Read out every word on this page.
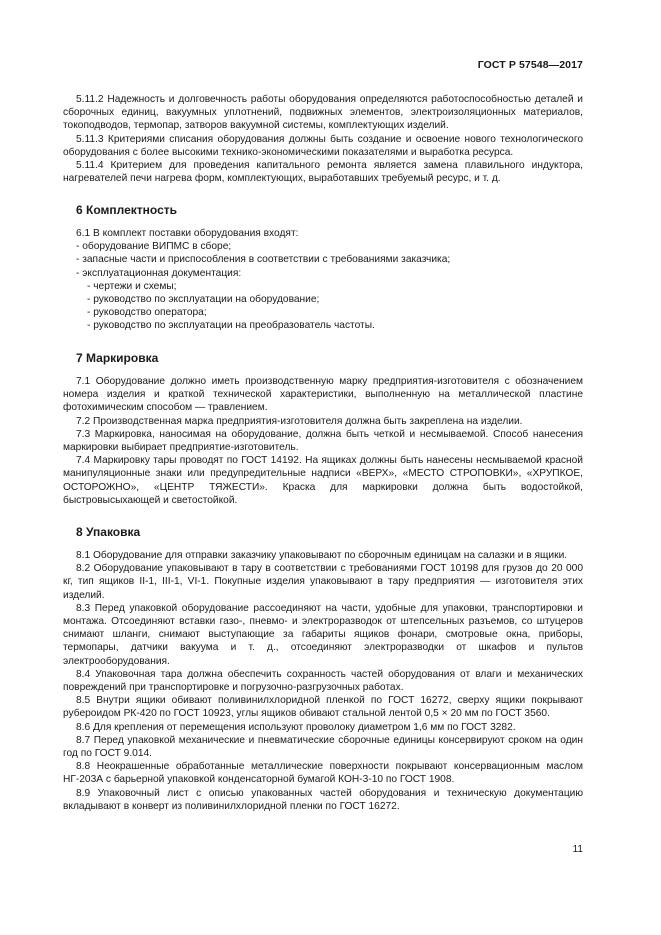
ГОСТ Р 57548—2017

5.11.2 Надежность и долговечность работы оборудования определяются работоспособностью деталей и сборочных единиц, вакуумных уплотнений, подвижных элементов, электроизоляционных материалов, токоподводов, термопар, затворов вакуумной системы, комплектующих изделий.

5.11.3 Критериями списания оборудования должны быть создание и освоение нового технологического оборудования с более высокими технико-экономическими показателями и выработка ресурса.

5.11.4 Критерием для проведения капитального ремонта является замена плавильного индуктора, нагревателей печи нагрева форм, комплектующих, выработавших требуемый ресурс, и т. д.

6 Комплектность
6.1 В комплект поставки оборудования входят:
- оборудование ВИПМС в сборе;
- запасные части и приспособления в соответствии с требованиями заказчика;
- эксплуатационная документация:
- чертежи и схемы;
- руководство по эксплуатации на оборудование;
- руководство оператора;
- руководство по эксплуатации на преобразователь частоты.
7 Маркировка

7.1 Оборудование должно иметь производственную марку предприятия-изготовителя с обозначением номера изделия и краткой технической характеристики, выполненную на металлической пластине фотохимическим способом — травлением.

7.2 Производственная марка предприятия-изготовителя должна быть закреплена на изделии.

7.3 Маркировка, наносимая на оборудование, должна быть четкой и несмываемой. Способ нанесения маркировки выбирает предприятие-изготовитель.

7.4 Маркировку тары проводят по ГОСТ 14192. На ящиках должны быть нанесены несмываемой красной манипуляционные знаки или предупредительные надписи «ВЕРХ», «МЕСТО СТРОПОВКИ», «ХРУПКОЕ, ОСТОРОЖНО», «ЦЕНТР ТЯЖЕСТИ». Краска для маркировки должна быть водостойкой, быстровысыхающей и светостойкой.

8 Упаковка

8.1 Оборудование для отправки заказчику упаковывают по сборочным единицам на салазки и в ящики.

8.2 Оборудование упаковывают в тару в соответствии с требованиями ГОСТ 10198 для грузов до 20 000 кг, тип ящиков II-1, III-1, VI-1. Покупные изделия упаковывают в тару предприятия — изготовителя этих изделий.

8.3 Перед упаковкой оборудование рассоединяют на части, удобные для упаковки, транспортировки и монтажа. Отсоединяют вставки газо-, пневмо- и электроразводок от штепсельных разъемов, со штуцеров снимают шланги, снимают выступающие за габариты ящиков фонари, смотровые окна, приборы, термопары, датчики вакуума и т. д., отсоединяют электроразводки от шкафов и пультов электрооборудования.

8.4 Упаковочная тара должна обеспечить сохранность частей оборудования от влаги и механических повреждений при транспортировке и погрузочно-разгрузочных работах.

8.5 Внутри ящики обивают поливинилхлоридной пленкой по ГОСТ 16272, сверху ящики покрывают рубероидом РК-420 по ГОСТ 10923, углы ящиков обивают стальной лентой 0,5 × 20 мм по ГОСТ 3560.

8.6 Для крепления от перемещения используют проволоку диаметром 1,6 мм по ГОСТ 3282.

8.7 Перед упаковкой механические и пневматические сборочные единицы консервируют сроком на один год по ГОСТ 9.014.

8.8 Неокрашенные обработанные металлические поверхности покрывают консервационным маслом НГ-203А с барьерной упаковкой конденсаторной бумагой КОН-3-10 по ГОСТ 1908.

8.9 Упаковочный лист с описью упакованных частей оборудования и техническую документацию вкладывают в конверт из поливинилхлоридной пленки по ГОСТ 16272.

11
